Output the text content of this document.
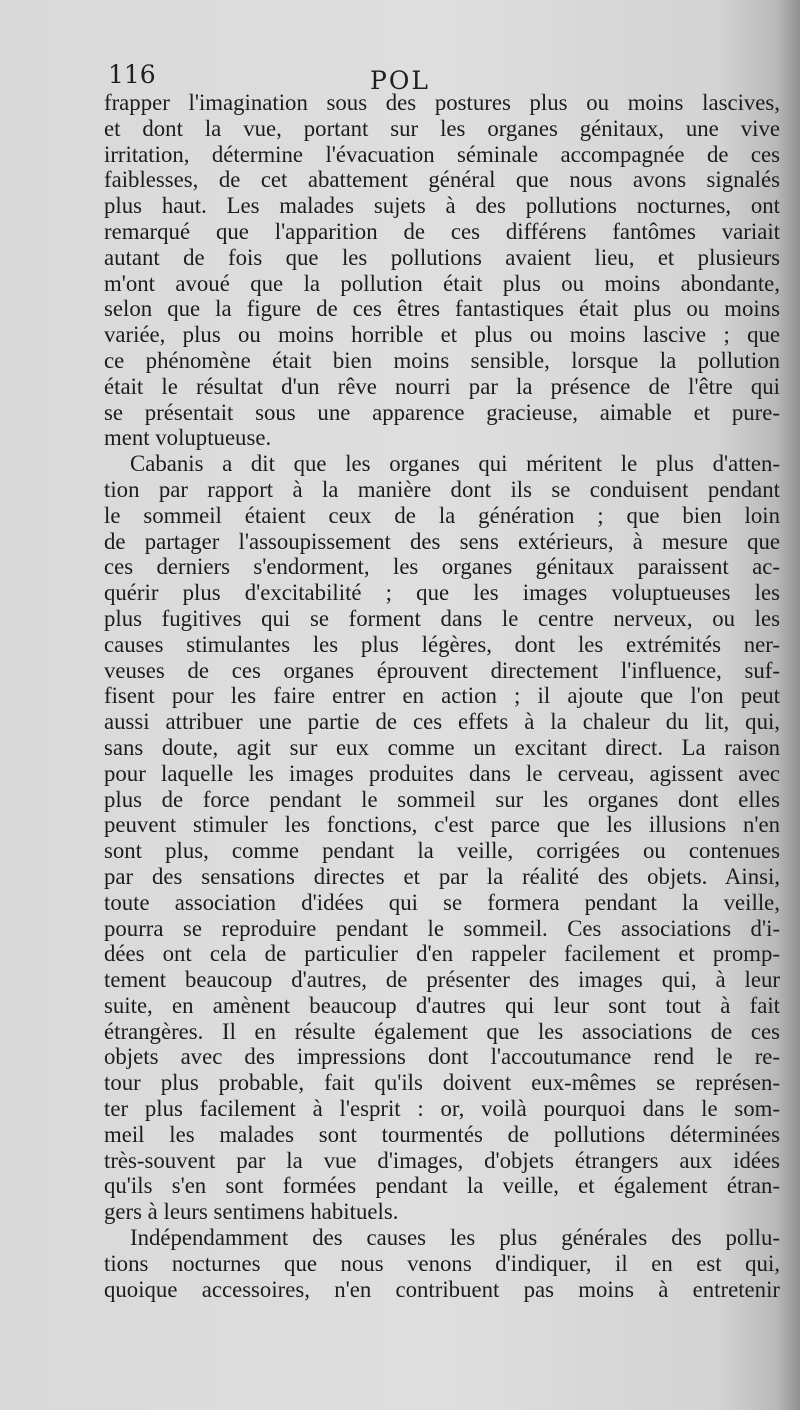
116	POL
frapper l'imagination sous des postures plus ou moins lascives,
et dont la vue, portant sur les organes génitaux, une vive
irritation, détermine l'évacuation séminale accompagnée de ces
faiblesses, de cet abattement général que nous avons signalés
plus haut. Les malades sujets à des pollutions nocturnes, ont
remarqué que l'apparition de ces différens fantômes variait
autant de fois que les pollutions avaient lieu, et plusieurs
m'ont avoué que la pollution était plus ou moins abondante,
selon que la figure de ces êtres fantastiques était plus ou moins
variée, plus ou moins horrible et plus ou moins lascive ; que
ce phénomène était bien moins sensible, lorsque la pollution
était le résultat d'un rêve nourri par la présence de l'être qui
se présentait sous une apparence gracieuse, aimable et pure-
ment voluptueuse.
Cabanis a dit que les organes qui méritent le plus d'atten-
tion par rapport à la manière dont ils se conduisent pendant
le sommeil étaient ceux de la génération ; que bien loin
de partager l'assoupissement des sens extérieurs, à mesure que
ces derniers s'endorment, les organes génitaux paraissent ac-
quérir plus d'excitabilité ; que les images voluptueuses les
plus fugitives qui se forment dans le centre nerveux, ou les
causes stimulantes les plus légères, dont les extrémités ner-
veuses de ces organes éprouvent directement l'influence, suf-
fisent pour les faire entrer en action ; il ajoute que l'on peut
aussi attribuer une partie de ces effets à la chaleur du lit, qui,
sans doute, agit sur eux comme un excitant direct. La raison
pour laquelle les images produites dans le cerveau, agissent avec
plus de force pendant le sommeil sur les organes dont elles
peuvent stimuler les fonctions, c'est parce que les illusions n'en
sont plus, comme pendant la veille, corrigées ou contenues
par des sensations directes et par la réalité des objets. Ainsi,
toute association d'idées qui se formera pendant la veille,
pourra se reproduire pendant le sommeil. Ces associations d'i-
dées ont cela de particulier d'en rappeler facilement et promp-
tement beaucoup d'autres, de présenter des images qui, à leur
suite, en amènent beaucoup d'autres qui leur sont tout à fait
étrangères. Il en résulte également que les associations de ces
objets avec des impressions dont l'accoutumance rend le re-
tour plus probable, fait qu'ils doivent eux-mêmes se représen-
ter plus facilement à l'esprit : or, voilà pourquoi dans le som-
meil les malades sont tourmentés de pollutions déterminées
très-souvent par la vue d'images, d'objets étrangers aux idées
qu'ils s'en sont formées pendant la veille, et également étran-
gers à leurs sentimens habituels.
Indépendamment des causes les plus générales des pollu-
tions nocturnes que nous venons d'indiquer, il en est qui,
quoique accessoires, n'en contribuent pas moins à entretenir
